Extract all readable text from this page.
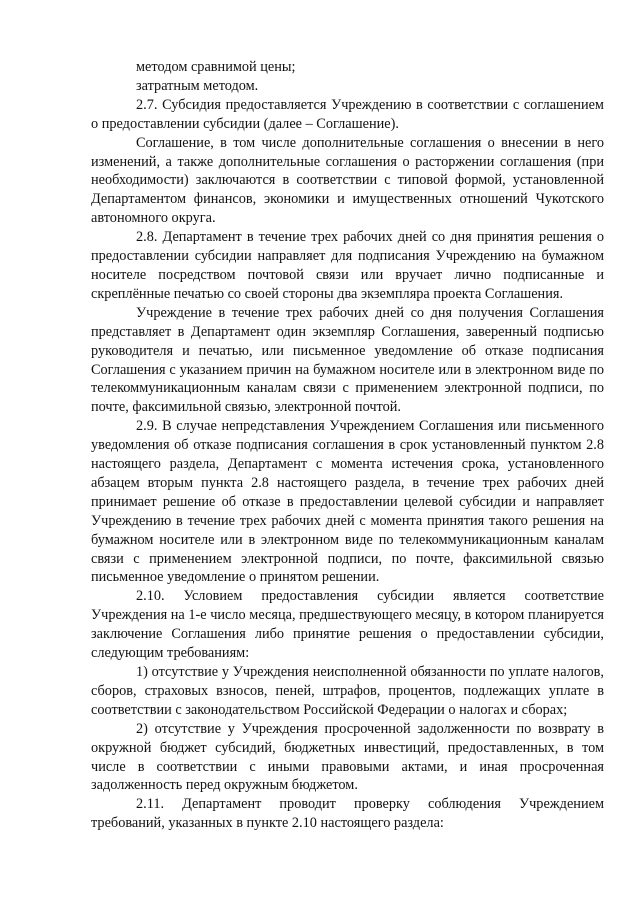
методом сравнимой цены;

затратным методом.

2.7. Субсидия предоставляется Учреждению в соответствии с соглашением о предоставлении субсидии (далее – Соглашение).

Соглашение, в том числе дополнительные соглашения о внесении в него изменений, а также дополнительные соглашения о расторжении соглашения (при необходимости) заключаются в соответствии с типовой формой, установленной Департаментом финансов, экономики и имущественных отношений Чукотского автономного округа.

2.8. Департамент в течение трех рабочих дней со дня принятия решения о предоставлении субсидии направляет для подписания Учреждению на бумажном носителе посредством почтовой связи или вручает лично подписанные и скреплённые печатью со своей стороны два экземпляра проекта Соглашения.

Учреждение в течение трех рабочих дней со дня получения Соглашения представляет в Департамент один экземпляр Соглашения, заверенный подписью руководителя и печатью, или письменное уведомление об отказе подписания Соглашения с указанием причин на бумажном носителе или в электронном виде по телекоммуникационным каналам связи с применением электронной подписи, по почте, факсимильной связью, электронной почтой.

2.9. В случае непредставления Учреждением Соглашения или письменного уведомления об отказе подписания соглашения в срок установленный пунктом 2.8 настоящего раздела, Департамент с момента истечения срока, установленного абзацем вторым пункта 2.8 настоящего раздела, в течение трех рабочих дней принимает решение об отказе в предоставлении целевой субсидии и направляет Учреждению в течение трех рабочих дней с момента принятия такого решения на бумажном носителе или в электронном виде по телекоммуникационным каналам связи с применением электронной подписи, по почте, факсимильной связью письменное уведомление о принятом решении.

2.10. Условием предоставления субсидии является соответствие Учреждения на 1-е число месяца, предшествующего месяцу, в котором планируется заключение Соглашения либо принятие решения о предоставлении субсидии, следующим требованиям:

1) отсутствие у Учреждения неисполненной обязанности по уплате налогов, сборов, страховых взносов, пеней, штрафов, процентов, подлежащих уплате в соответствии с законодательством Российской Федерации о налогах и сборах;

2) отсутствие у Учреждения просроченной задолженности по возврату в окружной бюджет субсидий, бюджетных инвестиций, предоставленных, в том числе в соответствии с иными правовыми актами, и иная просроченная задолженность перед окружным бюджетом.

2.11. Департамент проводит проверку соблюдения Учреждением требований, указанных в пункте 2.10 настоящего раздела:
